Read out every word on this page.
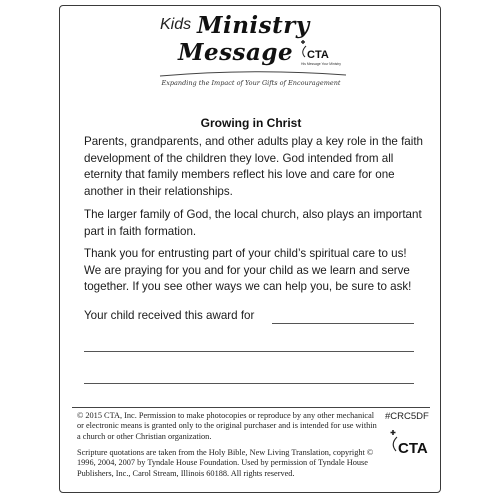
Kids Ministry
Message CTA
His Message Your Ministry
Expanding the Impact of Your Gifts of Encouragement
Growing in Christ
Parents, grandparents, and other adults play a key role in the faith development of the children they love. God intended from all eternity that family members reflect his love and care for one another in their relationships.
The larger family of God, the local church, also plays an important part in faith formation.
Thank you for entrusting part of your child’s spiritual care to us! We are praying for you and for your child as we learn and serve together. If you see other ways we can help you, be sure to ask!
Your child received this award for
© 2015 CTA, Inc. Permission to make photocopies or reproduce by any other mechanical or electronic means is granted only to the original purchaser and is intended for use within a church or other Christian organization.
Scripture quotations are taken from the Holy Bible, New Living Translation, copyright © 1996, 2004, 2007 by Tyndale House Foundation. Used by permission of Tyndale House Publishers, Inc., Carol Stream, Illinois 60188. All rights reserved.
#CRC5DF
CTA
